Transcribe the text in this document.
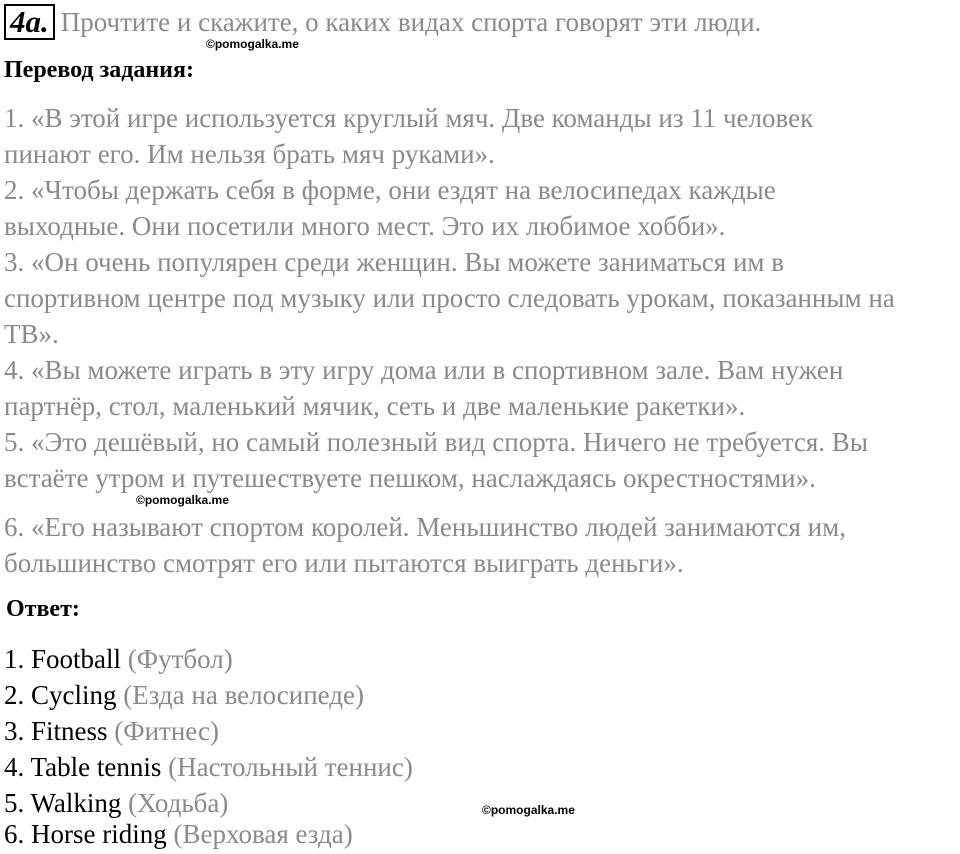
4a. Прочтите и скажите, о каких видах спорта говорят эти люди.
©pomogalka.me
Перевод задания:
1. «В этой игре используется круглый мяч. Две команды из 11 человек
пинают его. Им нельзя брать мяч руками».
2. «Чтобы держать себя в форме, они ездят на велосипедах каждые
выходные. Они посетили много мест. Это их любимое хобби».
3. «Он очень популярен среди женщин. Вы можете заниматься им в
спортивном центре под музыку или просто следовать урокам, показанным на
ТВ».
4. «Вы можете играть в эту игру дома или в спортивном зале. Вам нужен
партнёр, стол, маленький мячик, сеть и две маленькие ракетки».
5. «Это дешёвый, но самый полезный вид спорта. Ничего не требуется. Вы
встаёте утром и путешествуете пешком, наслаждаясь окрестностями».
6. «Его называют спортом королей. Меньшинство людей занимаются им,
большинство смотрят его или пытаются выиграть деньги».
©pomogalka.me
Ответ:
1. Football (Футбол)
2. Cycling (Езда на велосипеде)
3. Fitness (Фитнес)
4. Table tennis (Настольный теннис)
5. Walking (Ходьба)
6. Horse riding (Верховая езда)
©pomogalka.me
